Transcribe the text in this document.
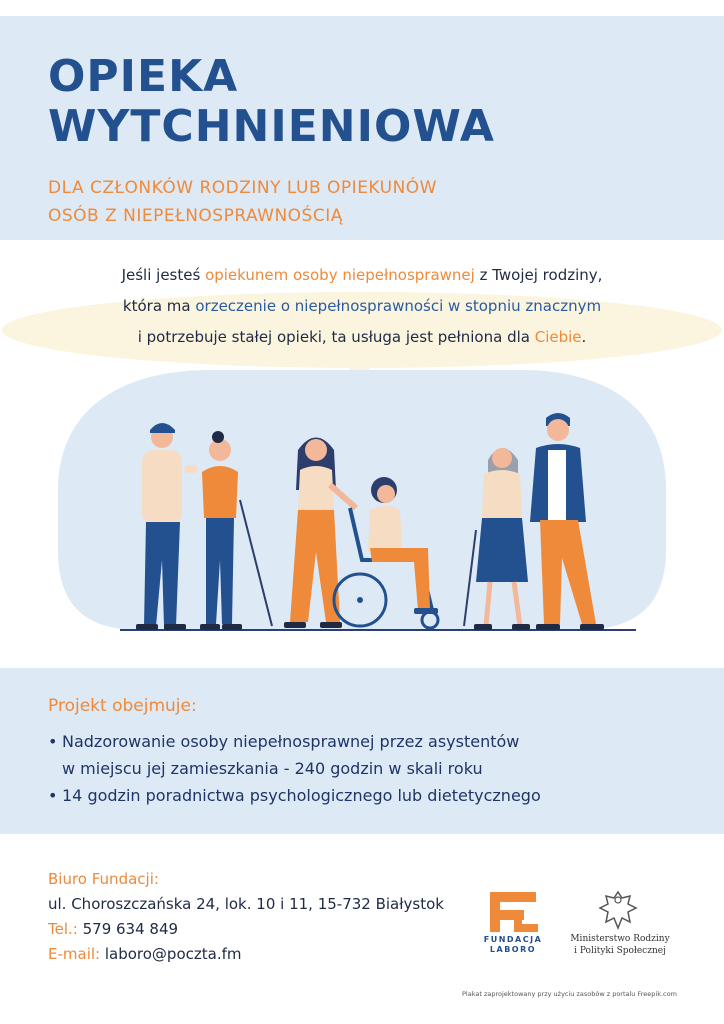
OPIEKA
WYTCHNIENIOWA
DLA CZŁONKÓW RODZINY LUB OPIEKUNÓW
OSÓB Z NIEPEŁNOSPRAWNOŚCIĄ
Jeśli jesteś opiekunem osoby niepełnosprawnej z Twojej rodziny,
która ma orzeczenie o niepełnosprawności w stopniu znacznym
i potrzebuje stałej opieki, ta usługa jest pełniona dla Ciebie.
Projekt obejmuje:
• Nadzorowanie osoby niepełnosprawnej przez asystentów
w miejscu jej zamieszkania - 240 godzin w skali roku
• 14 godzin poradnictwa psychologicznego lub dietetycznego
Biuro Fundacji:
ul. Choroszczańska 24, lok. 10 i 11, 15-732 Białystok
Tel.: 579 634 849
E-mail: laboro@poczta.fm
FUNDACJA
LABORO
Ministerstwo Rodziny
i Polityki Społecznej
Plakat zaprojektowany przy użyciu zasobów z portalu Freepik.com
